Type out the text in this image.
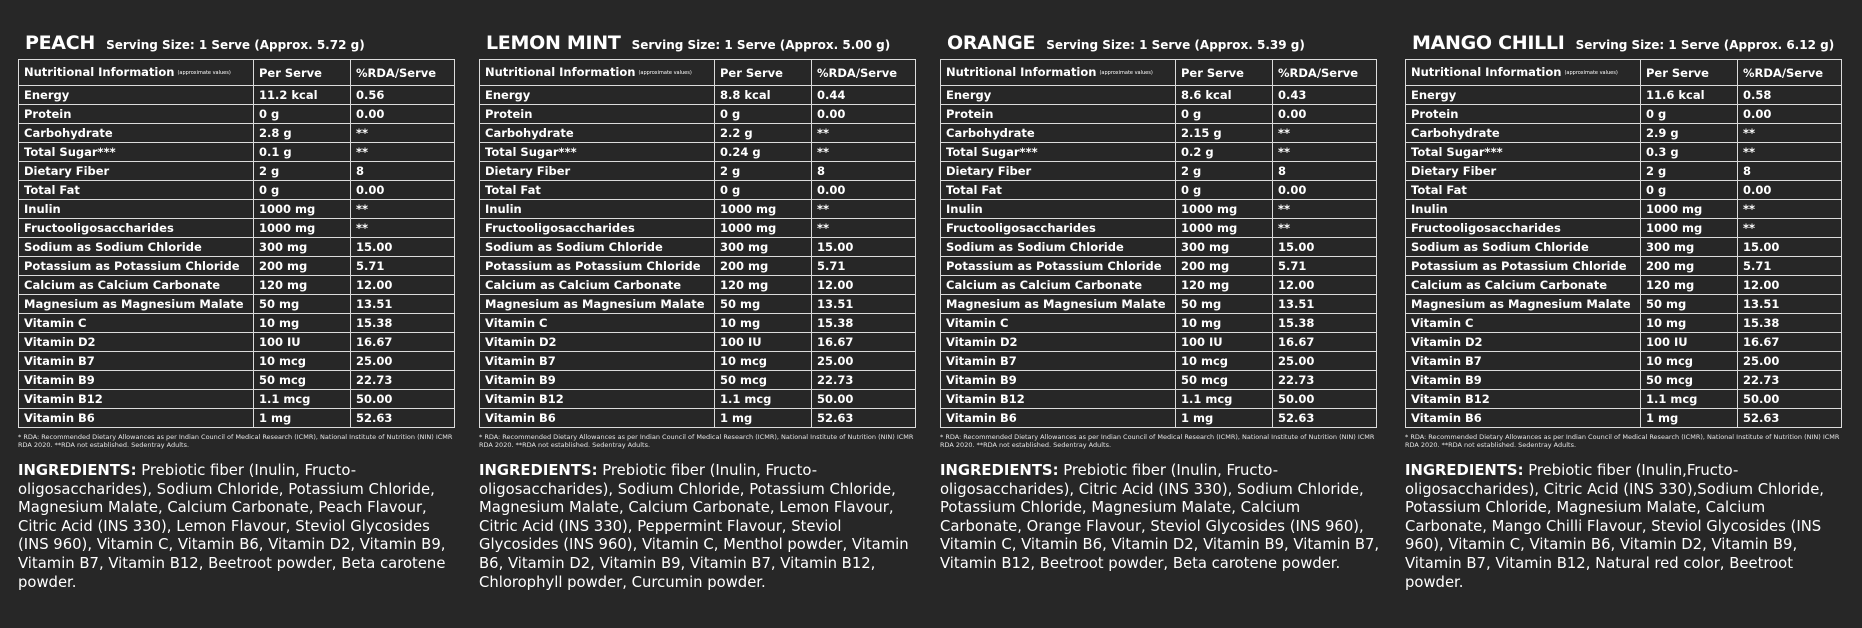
PEACH Serving Size: 1 Serve (Approx. 5.72 g)
Nutritional Information (approximate values)	Per Serve	%RDA/Serve
Energy	11.2 kcal	0.56
Protein	0 g	0.00
Carbohydrate	2.8 g	**
Total Sugar***	0.1 g	**
Dietary Fiber	2 g	8
Total Fat	0 g	0.00
Inulin	1000 mg	**
Fructooligosaccharides	1000 mg	**
Sodium as Sodium Chloride	300 mg	15.00
Potassium as Potassium Chloride	200 mg	5.71
Calcium as Calcium Carbonate	120 mg	12.00
Magnesium as Magnesium Malate	50 mg	13.51
Vitamin C	10 mg	15.38
Vitamin D2	100 IU	16.67
Vitamin B7	10 mcg	25.00
Vitamin B9	50 mcg	22.73
Vitamin B12	1.1 mcg	50.00
Vitamin B6	1 mg	52.63
* RDA: Recommended Dietary Allowances as per Indian Council of Medical Research (ICMR), National Institute of Nutrition (NIN) ICMR RDA 2020. **RDA not established. Sedentray Adults.
INGREDIENTS: Prebiotic fiber (Inulin, Fructo-oligosaccharides), Sodium Chloride, Potassium Chloride, Magnesium Malate, Calcium Carbonate, Peach Flavour, Citric Acid (INS 330), Lemon Flavour, Steviol Glycosides (INS 960), Vitamin C, Vitamin B6, Vitamin D2, Vitamin B9, Vitamin B7, Vitamin B12, Beetroot powder, Beta carotene powder.
LEMON MINT Serving Size: 1 Serve (Approx. 5.00 g)
Nutritional Information (approximate values)	Per Serve	%RDA/Serve
Energy	8.8 kcal	0.44
Protein	0 g	0.00
Carbohydrate	2.2 g	**
Total Sugar***	0.24 g	**
Dietary Fiber	2 g	8
Total Fat	0 g	0.00
Inulin	1000 mg	**
Fructooligosaccharides	1000 mg	**
Sodium as Sodium Chloride	300 mg	15.00
Potassium as Potassium Chloride	200 mg	5.71
Calcium as Calcium Carbonate	120 mg	12.00
Magnesium as Magnesium Malate	50 mg	13.51
Vitamin C	10 mg	15.38
Vitamin D2	100 IU	16.67
Vitamin B7	10 mcg	25.00
Vitamin B9	50 mcg	22.73
Vitamin B12	1.1 mcg	50.00
Vitamin B6	1 mg	52.63
* RDA: Recommended Dietary Allowances as per Indian Council of Medical Research (ICMR), National Institute of Nutrition (NIN) ICMR RDA 2020. **RDA not established. Sedentray Adults.
INGREDIENTS: Prebiotic fiber (Inulin, Fructo-oligosaccharides), Sodium Chloride, Potassium Chloride, Magnesium Malate, Calcium Carbonate, Lemon Flavour, Citric Acid (INS 330), Peppermint Flavour, Steviol Glycosides (INS 960), Vitamin C, Menthol powder, Vitamin B6, Vitamin D2, Vitamin B9, Vitamin B7, Vitamin B12, Chlorophyll powder, Curcumin powder.
ORANGE Serving Size: 1 Serve (Approx. 5.39 g)
Nutritional Information (approximate values)	Per Serve	%RDA/Serve
Energy	8.6 kcal	0.43
Protein	0 g	0.00
Carbohydrate	2.15 g	**
Total Sugar***	0.2 g	**
Dietary Fiber	2 g	8
Total Fat	0 g	0.00
Inulin	1000 mg	**
Fructooligosaccharides	1000 mg	**
Sodium as Sodium Chloride	300 mg	15.00
Potassium as Potassium Chloride	200 mg	5.71
Calcium as Calcium Carbonate	120 mg	12.00
Magnesium as Magnesium Malate	50 mg	13.51
Vitamin C	10 mg	15.38
Vitamin D2	100 IU	16.67
Vitamin B7	10 mcg	25.00
Vitamin B9	50 mcg	22.73
Vitamin B12	1.1 mcg	50.00
Vitamin B6	1 mg	52.63
* RDA: Recommended Dietary Allowances as per Indian Council of Medical Research (ICMR), National Institute of Nutrition (NIN) ICMR RDA 2020. **RDA not established. Sedentray Adults.
INGREDIENTS: Prebiotic fiber (Inulin, Fructo-oligosaccharides), Citric Acid (INS 330), Sodium Chloride, Potassium Chloride, Magnesium Malate, Calcium Carbonate, Orange Flavour, Steviol Glycosides (INS 960), Vitamin C, Vitamin B6, Vitamin D2, Vitamin B9, Vitamin B7, Vitamin B12, Beetroot powder, Beta carotene powder.
MANGO CHILLI Serving Size: 1 Serve (Approx. 6.12 g)
Nutritional Information (approximate values)	Per Serve	%RDA/Serve
Energy	11.6 kcal	0.58
Protein	0 g	0.00
Carbohydrate	2.9 g	**
Total Sugar***	0.3 g	**
Dietary Fiber	2 g	8
Total Fat	0 g	0.00
Inulin	1000 mg	**
Fructooligosaccharides	1000 mg	**
Sodium as Sodium Chloride	300 mg	15.00
Potassium as Potassium Chloride	200 mg	5.71
Calcium as Calcium Carbonate	120 mg	12.00
Magnesium as Magnesium Malate	50 mg	13.51
Vitamin C	10 mg	15.38
Vitamin D2	100 IU	16.67
Vitamin B7	10 mcg	25.00
Vitamin B9	50 mcg	22.73
Vitamin B12	1.1 mcg	50.00
Vitamin B6	1 mg	52.63
* RDA: Recommended Dietary Allowances as per Indian Council of Medical Research (ICMR), National Institute of Nutrition (NIN) ICMR RDA 2020. **RDA not established. Sedentray Adults.
INGREDIENTS: Prebiotic fiber (Inulin,Fructo-oligosaccharides), Citric Acid (INS 330),Sodium Chloride, Potassium Chloride, Magnesium Malate, Calcium Carbonate, Mango Chilli Flavour, Steviol Glycosides (INS 960), Vitamin C, Vitamin B6, Vitamin D2, Vitamin B9, Vitamin B7, Vitamin B12, Natural red color, Beetroot powder.
